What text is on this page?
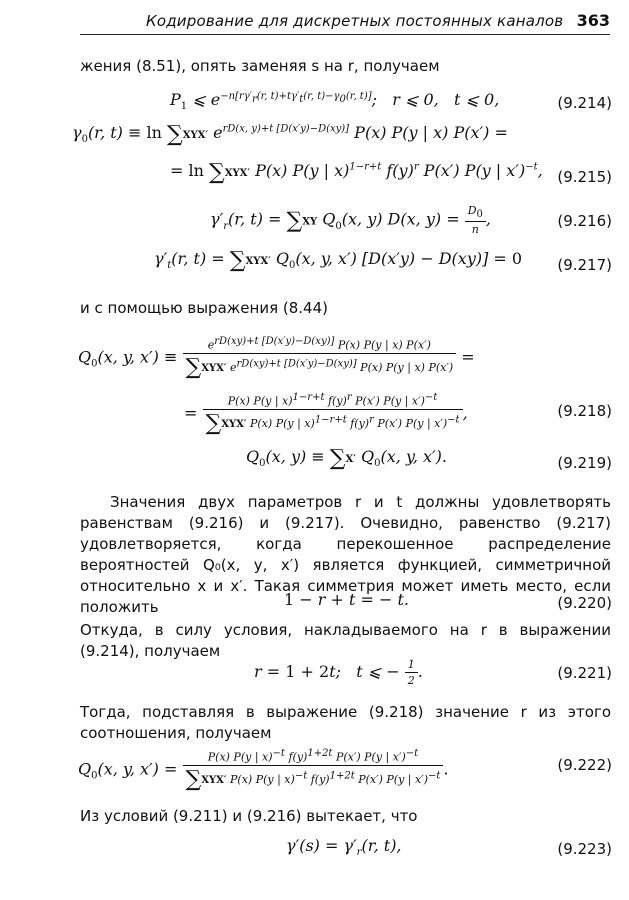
Кодирование для дискретных постоянных каналов 363

жения (8.51), опять заменяя s на r, получаем

$P_1$ ⩽ $e^{-n[r\gamma'_r(r, t)+t\gamma'_t(r, t)-\gamma_0(r, t)]}$;   r ⩽ 0,   t ⩽ 0,	(9.214)
$\gamma_0(r$, t) ≡ ln ∑XYX′ $e^{rD(x, y)+t [D(x'y)-D(xy)]}$ P(x) P(y | x) P(x′) =
= ln ∑XYX′ P(x) P(y | x)$^{1-r+t}$ $f(y)^r$ P(x′) P(y | x′)$^{-t}$, (9.215)
$\gamma'_r(r$, t) = ∑XY $Q_0(x$, y) D(x, $y) = \frac{D_0}{n}$ ,	(9.216)
$\gamma'_t(r$, t) = ∑XYX′ $Q_0(x$, y, x′) [D(x′y) − D(xy)] = 0 (9.217)

и с помощью выражения (8.44)

$Q_0(x$, y, $x') \equiv \frac{e^{rD(xy)+t [D(x'y)-D(xy)]} P(x) P(y | x) P(x')}{\sum XYX' e^{rD(xy)+t [D(x'y)-D(xy)]} P(x) P(y | x) P(x')}$ =
= $\frac{P(x) P(y | x)^{1-r+t} f(y)^r P(x') P(y | x')^{-t}}{\sum XYX' P(x) P(y | x)^{1-r+t} f(y)^r P(x') P(y | x')^{-t}}$ ,	(9.218)
$Q_0(x$, y) ≡ ∑X′ $Q_0(x$, y, x′).	(9.219)

Значения двух параметров r и t должны удовлетворять равенствам (9.216) и (9.217). Очевидно, равенство (9.217) удовлетворяется, когда перекошенное распределение вероятностей Q₀(x, y, x′) является функцией, симметричной относительно x и x′. Такая симметрия может иметь место, если положить	1 − r + t = − t.	(9.220)

Откуда, в силу условия, накладываемого на r в выражении (9.214), получаем

r = 1 + 2t;   t ⩽ − $\frac{1}{2}$ .	(9.221)

Тогда, подставляя в выражение (9.218) значение r из этого соотношения, получаем

$Q_0(x$, y, $x') = \frac{P(x) P(y | x)^{-t} f(y)^{1+2t} P(x') P(y | x')^{-t}}{\sum XYX' P(x) P(y | x)^{-t} f(y)^{1+2t} P(x') P(y | x')^{-t}}$ .	(9.222)

Из условий (9.211) и (9.216) вытекает, что

$\gamma'(s) = \gamma'_r(r$, t),	(9.223)
